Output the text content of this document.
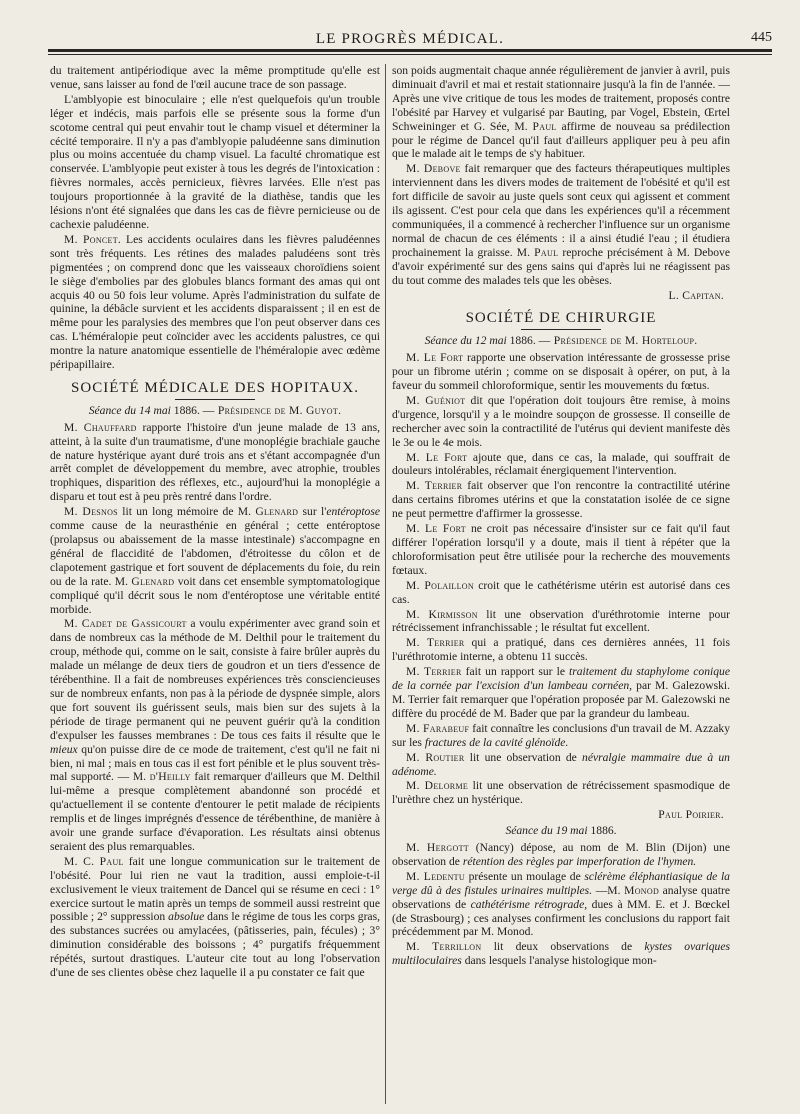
LE PROGRÈS MÉDICAL.	445

du traitement antipériodique avec la même promptitude qu'elle est venue, sans laisser au fond de l'œil aucune trace de son passage.

L'amblyopie est binoculaire ; elle n'est quelquefois qu'un trouble léger et indécis, mais parfois elle se présente sous la forme d'un scotome central qui peut envahir tout le champ visuel et déterminer la cécité temporaire. Il n'y a pas d'amblyopie paludéenne sans diminution plus ou moins accentuée du champ visuel. La faculté chromatique est conservée. L'amblyopie peut exister à tous les degrés de l'intoxication : fièvres normales, accès pernicieux, fièvres larvées. Elle n'est pas toujours proportionnée à la gravité de la diathèse, tandis que les lésions n'ont été signalées que dans les cas de fièvre pernicieuse ou de cachexie paludéenne.

M. Poncet. Les accidents oculaires dans les fièvres paludéennes sont très fréquents. Les rétines des malades paludéens sont très pigmentées ; on comprend donc que les vaisseaux choroïdiens soient le siège d'embolies par des globules blancs formant des amas qui ont acquis 40 ou 50 fois leur volume. Après l'administration du sulfate de quinine, la débâcle survient et les accidents disparaissent ; il en est de même pour les paralysies des membres que l'on peut observer dans ces cas. L'héméralopie peut coïncider avec les accidents palustres, ce qui montre la nature anatomique essentielle de l'héméralopie avec œdème péripapillaire.

SOCIÉTÉ MÉDICALE DES HOPITAUX.
Séance du 14 mai 1886. — Présidence de M. Guyot.

M. Chauffard rapporte l'histoire d'un jeune malade de 13 ans, atteint, à la suite d'un traumatisme, d'une monoplégie brachiale gauche de nature hystérique ayant duré trois ans et s'étant accompagnée d'un arrêt complet de développement du membre, avec atrophie, troubles trophiques, disparition des réflexes, etc., aujourd'hui la monoplégie a disparu et tout est à peu près rentré dans l'ordre.

M. Desnos lit un long mémoire de M. Glenard sur l'entéroptose comme cause de la neurasthénie en général ; cette entéroptose (prolapsus ou abaissement de la masse intestinale) s'accompagne en général de flaccidité de l'abdomen, d'étroitesse du côlon et de clapotement gastrique et fort souvent de déplacements du foie, du rein ou de la rate. M. Glenard voit dans cet ensemble symptomatologique compliqué qu'il décrit sous le nom d'entéroptose une véritable entité morbide.

M. Cadet de Gassicourt a voulu expérimenter avec grand soin et dans de nombreux cas la méthode de M. Delthil pour le traitement du croup, méthode qui, comme on le sait, consiste à faire brûler auprès du malade un mélange de deux tiers de goudron et un tiers d'essence de térébenthine. Il a fait de nombreuses expériences très consciencieuses sur de nombreux enfants, non pas à la période de dyspnée simple, alors que fort souvent ils guérissent seuls, mais bien sur des sujets à la période de tirage permanent qui ne peuvent guérir qu'à la condition d'expulser les fausses membranes : De tous ces faits il résulte que le mieux qu'on puisse dire de ce mode de traitement, c'est qu'il ne fait ni bien, ni mal ; mais en tous cas il est fort pénible et le plus souvent très-mal supporté. — M. d'Heilly fait remarquer d'ailleurs que M. Delthil lui-même a presque complètement abandonné son procédé et qu'actuellement il se contente d'entourer le petit malade de récipients remplis et de linges imprégnés d'essence de térébenthine, de manière à avoir une grande surface d'évaporation. Les résultats ainsi obtenus seraient des plus remarquables.

M. C. Paul fait une longue communication sur le traitement de l'obésité. Pour lui rien ne vaut la tradition, aussi emploie-t-il exclusivement le vieux traitement de Dancel qui se résume en ceci : 1° exercice surtout le matin après un temps de sommeil aussi restreint que possible ; 2° suppression absolue dans le régime de tous les corps gras, des substances sucrées ou amylacées, (pâtisseries, pain, fécules) ; 3° diminution considérable des boissons ; 4° purgatifs fréquemment répétés, surtout drastiques. L'auteur cite tout au long l'observation d'une de ses clientes obèse chez laquelle il a pu constater ce fait que

son poids augmentait chaque année régulièrement de janvier à avril, puis diminuait d'avril et mai et restait stationnaire jusqu'à la fin de l'année. — Après une vive critique de tous les modes de traitement, proposés contre l'obésité par Harvey et vulgarisé par Bauting, par Vogel, Ebstein, Œrtel Schweininger et G. Sée, M. Paul affirme de nouveau sa prédilection pour le régime de Dancel qu'il faut d'ailleurs appliquer peu à peu afin que le malade ait le temps de s'y habituer.

M. Debove fait remarquer que des facteurs thérapeutiques multiples interviennent dans les divers modes de traitement de l'obésité et qu'il est fort difficile de savoir au juste quels sont ceux qui agissent et comment ils agissent. C'est pour cela que dans les expériences qu'il a récemment communiquées, il a commencé à rechercher l'influence sur un organisme normal de chacun de ces éléments : il a ainsi étudié l'eau ; il étudiera prochainement la graisse. M. Paul reproche précisément à M. Debove d'avoir expérimenté sur des gens sains qui d'après lui ne réagissent pas du tout comme des malades tels que les obèses.

L. Capitan.
SOCIÉTÉ DE CHIRURGIE
Séance du 12 mai 1886. — Présidence de M. Horteloup.

M. Le Fort rapporte une observation intéressante de grossesse prise pour un fibrome utérin ; comme on se disposait à opérer, on put, à la faveur du sommeil chloroformique, sentir les mouvements du fœtus.

M. Guéniot dit que l'opération doit toujours être remise, à moins d'urgence, lorsqu'il y a le moindre soupçon de grossesse. Il conseille de rechercher avec soin la contractilité de l'utérus qui devient manifeste dès le 3e ou le 4e mois.

M. Le Fort ajoute que, dans ce cas, la malade, qui souffrait de douleurs intolérables, réclamait énergiquement l'intervention.

M. Terrier fait observer que l'on rencontre la contractilité utérine dans certains fibromes utérins et que la constatation isolée de ce signe ne peut permettre d'affirmer la grossesse.

M. Le Fort ne croit pas nécessaire d'insister sur ce fait qu'il faut différer l'opération lorsqu'il y a doute, mais il tient à répéter que la chloroformisation peut être utilisée pour la recherche des mouvements fœtaux.

M. Polaillon croit que le cathétérisme utérin est autorisé dans ces cas.

M. Kirmisson lit une observation d'uréthrotomie interne pour rétrécissement infranchissable ; le résultat fut excellent.

M. Terrier qui a pratiqué, dans ces dernières années, 11 fois l'uréthrotomie interne, a obtenu 11 succès.

M. Terrier fait un rapport sur le traitement du staphylome conique de la cornée par l'excision d'un lambeau cornéen, par M. Galezowski. M. Terrier fait remarquer que l'opération proposée par M. Galezowski ne diffère du procédé de M. Bader que par la grandeur du lambeau.

M. Farabeuf fait connaître les conclusions d'un travail de M. Azzaky sur les fractures de la cavité glénoïde.

M. Routier lit une observation de névralgie mammaire due à un adénome.

M. Delorme lit une observation de rétrécissement spasmodique de l'urèthre chez un hystérique.

Paul Poirier.
Séance du 19 mai 1886.

M. Hergott (Nancy) dépose, au nom de M. Blin (Dijon) une observation de rétention des règles par imperforation de l'hymen.

M. Ledentu présente un moulage de sclérème éléphantiasique de la verge dû à des fistules urinaires multiples. —M. Monod analyse quatre observations de cathétérisme rétrograde, dues à MM. E. et J. Bœckel (de Strasbourg) ; ces analyses confirment les conclusions du rapport fait précédemment par M. Monod.

M. Terrillon lit deux observations de kystes ovariques multiloculaires dans lesquels l'analyse histologique mon-
